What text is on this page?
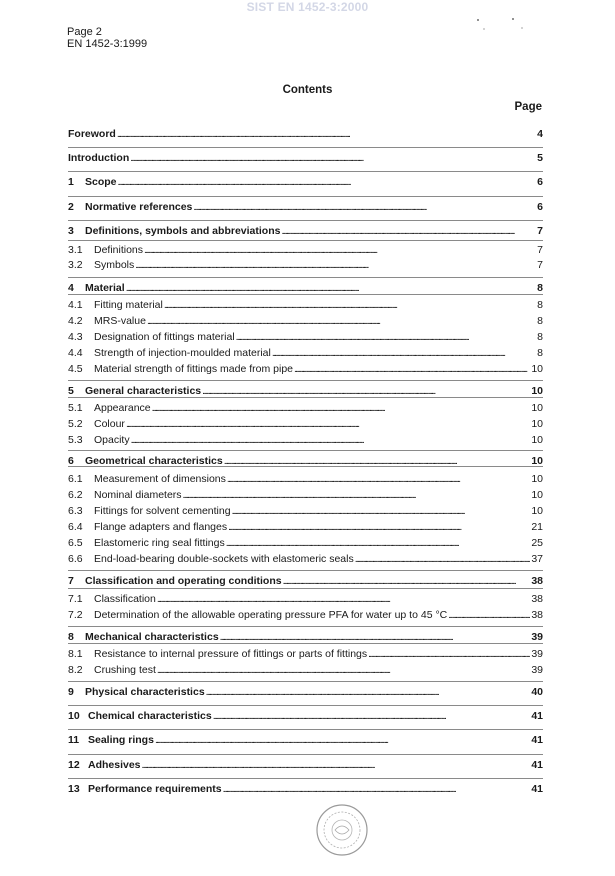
SIST EN 1452-3:2000
Page 2
EN 1452-3:1999
Contents
Page
Foreword . . .	4
Introduction . . .	5
1	Scope . . .	6
2	Normative references . . .	6
3	Definitions, symbols and abbreviations . . .	7
3.1	Definitions . . .	7
3.2	Symbols . . .	7
4	Material . . .	8
4.1	Fitting material . . .	8
4.2	MRS-value . . .	8
4.3	Designation of fittings material . . .	8
4.4	Strength of injection-moulded material . . .	8
4.5	Material strength of fittings made from pipe . . .	10
5	General characteristics . . .	10
5.1	Appearance . . .	10
5.2	Colour . . .	10
5.3	Opacity . . .	10
6	Geometrical characteristics . . .	10
6.1	Measurement of dimensions . . .	10
6.2	Nominal diameters . . .	10
6.3	Fittings for solvent cementing . . .	10
6.4	Flange adapters and flanges . . .	21
6.5	Elastomeric ring seal fittings . . .	25
6.6	End-load-bearing double-sockets with elastomeric seals . . .	37
7	Classification and operating conditions . . .	38
7.1	Classification . . .	38
7.2	Determination of the allowable operating pressure PFA for water up to 45 °C . . .	38
8	Mechanical characteristics . . .	39
8.1	Resistance to internal pressure of fittings or parts of fittings . . .	39
8.2	Crushing test . . .	39
9	Physical characteristics . . .	40
10 Chemical characteristics . . .	41
11 Sealing rings . . .	41
12 Adhesives . . .	41
13 Performance requirements . . .	41
